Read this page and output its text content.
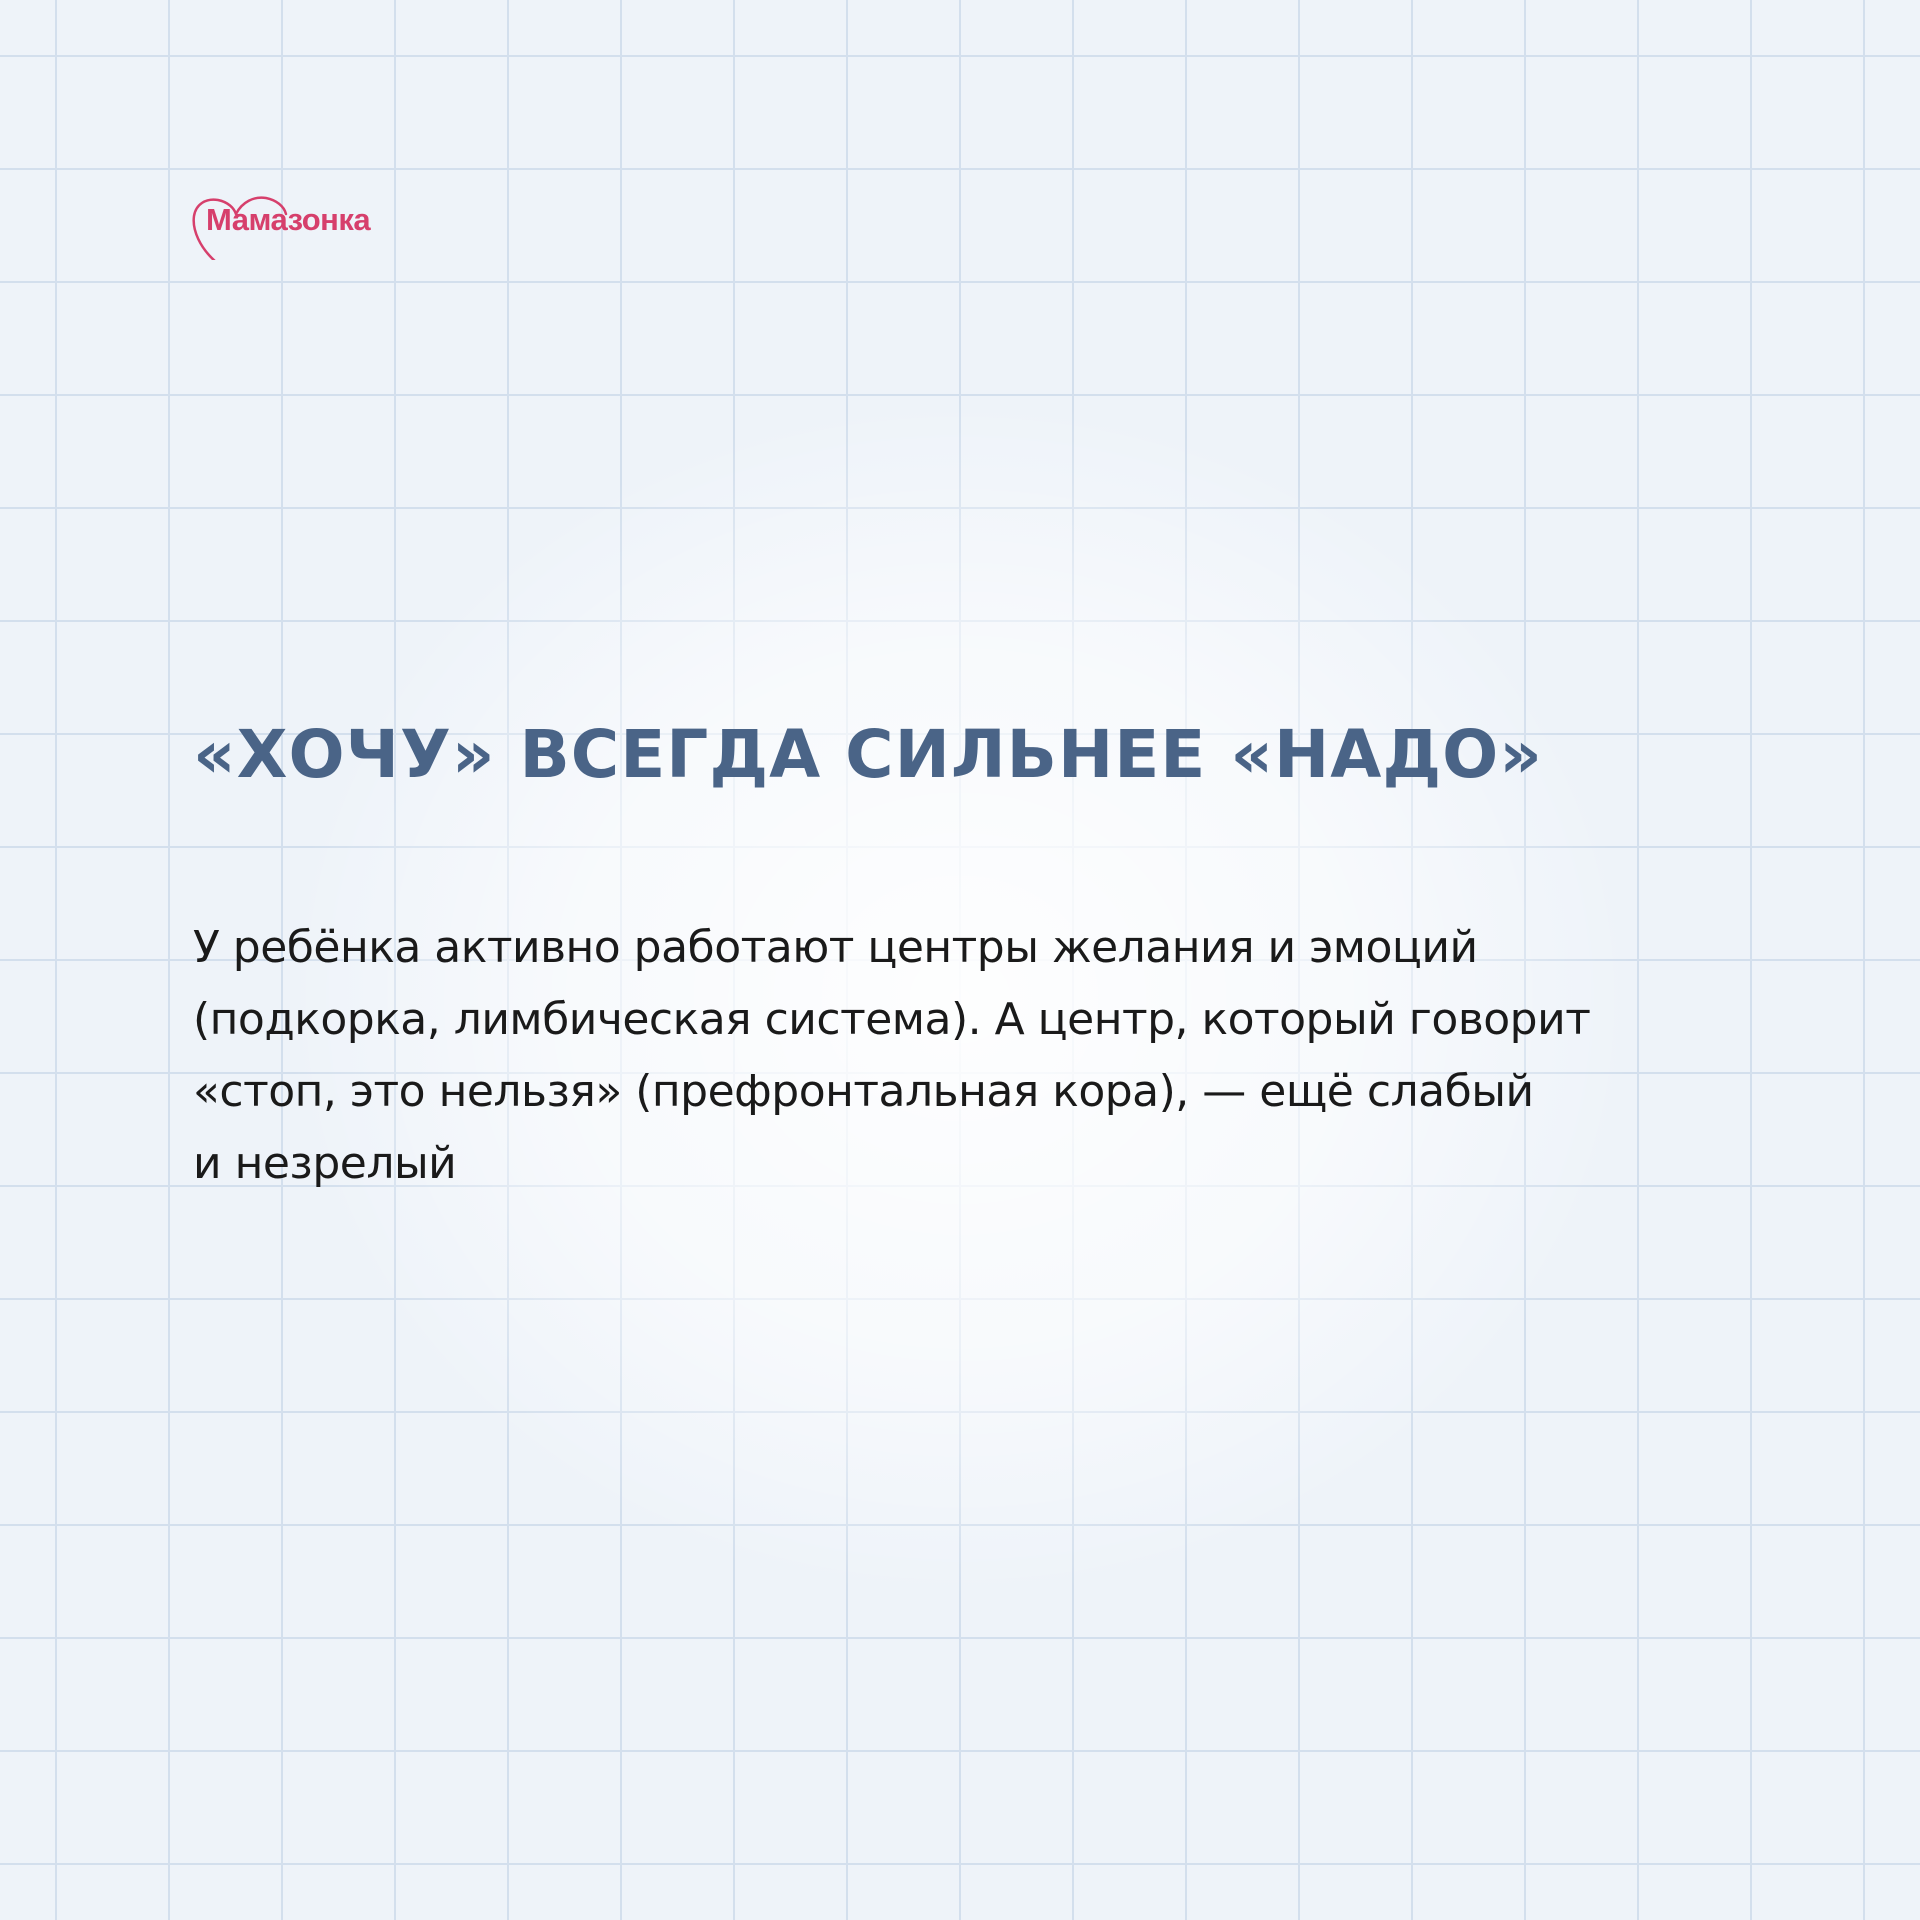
Мамазонка
«ХОЧУ» ВСЕГДА СИЛЬНЕЕ «НАДО»

У ребёнка активно работают центры желания и эмоций
(подкорка, лимбическая система). А центр, который говорит
«стоп, это нельзя» (префронтальная кора), — ещё слабый
и незрелый
